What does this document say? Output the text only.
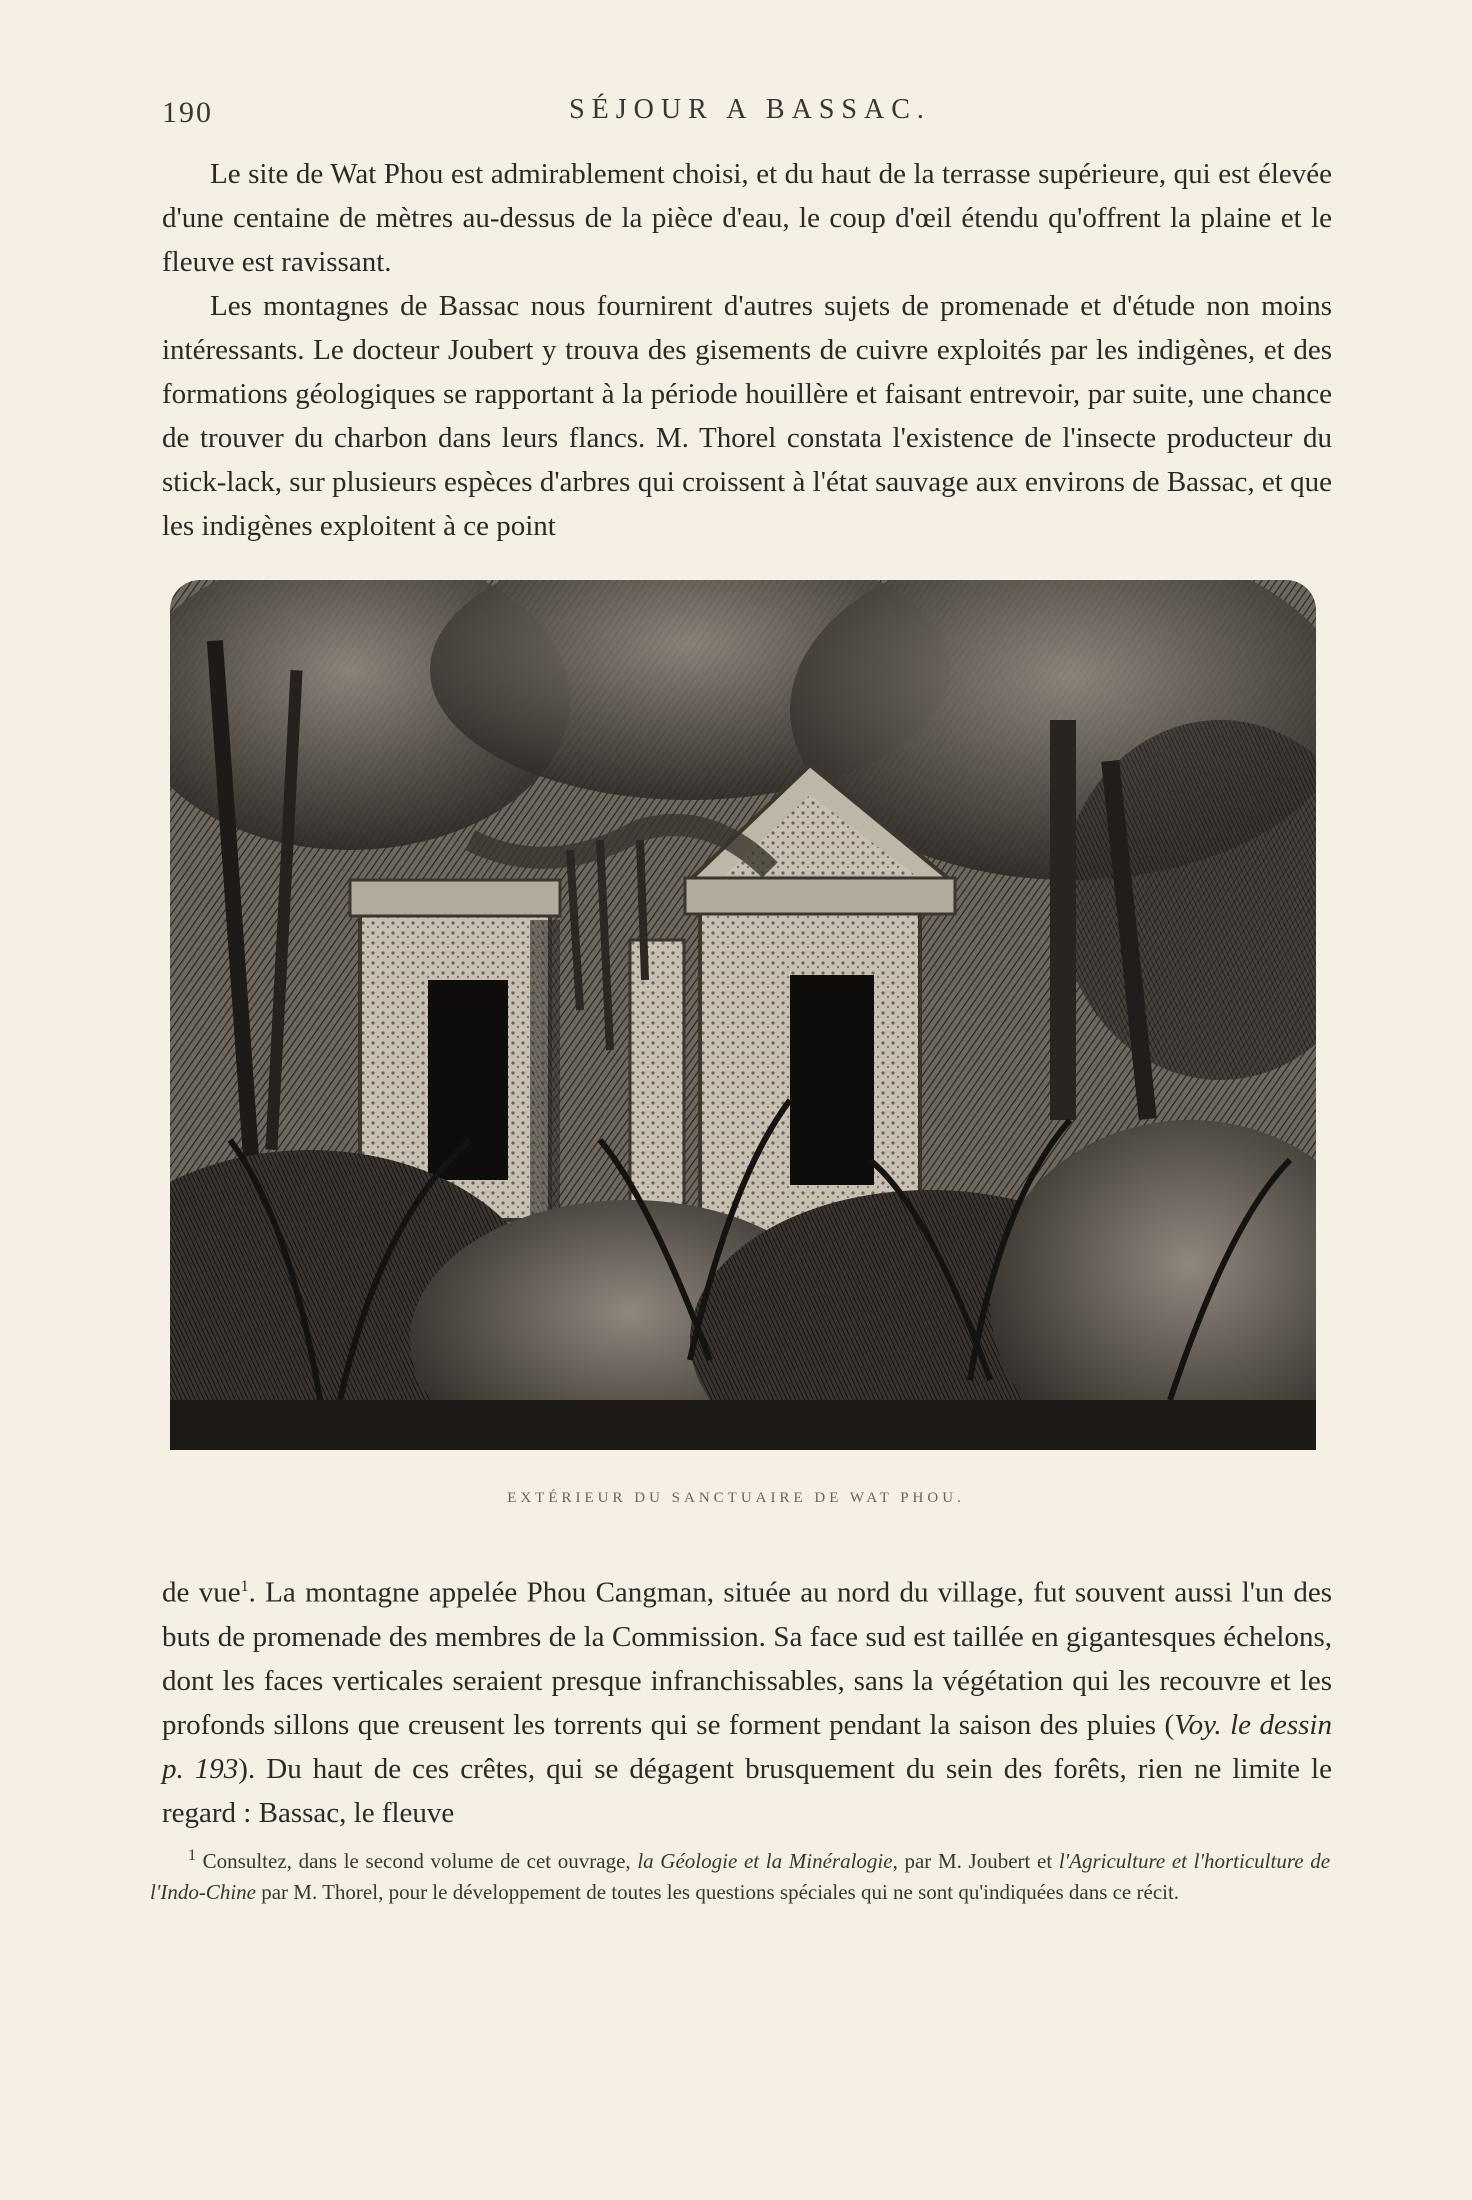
190	SÉJOUR A BASSAC.

Le site de Wat Phou est admirablement choisi, et du haut de la terrasse supérieure, qui est élevée d'une centaine de mètres au-dessus de la pièce d'eau, le coup d'œil étendu qu'offrent la plaine et le fleuve est ravissant.

Les montagnes de Bassac nous fournirent d'autres sujets de promenade et d'étude non moins intéressants. Le docteur Joubert y trouva des gisements de cuivre exploités par les indigènes, et des formations géologiques se rapportant à la période houillère et faisant entrevoir, par suite, une chance de trouver du charbon dans leurs flancs. M. Thorel constata l'existence de l'insecte producteur du stick-lack, sur plusieurs espèces d'arbres qui croissent à l'état sauvage aux environs de Bassac, et que les indigènes exploitent à ce point

EXTÉRIEUR DU SANCTUAIRE DE WAT PHOU.

de vue$^1$. La montagne appelée Phou Cangman, située au nord du village, fut souvent aussi l'un des buts de promenade des membres de la Commission. Sa face sud est taillée en gigantesques échelons, dont les faces verticales seraient presque infranchissables, sans la végétation qui les recouvre et les profonds sillons que creusent les torrents qui se forment pendant la saison des pluies (Voy. le dessin p. 193). Du haut de ces crêtes, qui se dégagent brusquement du sein des forêts, rien ne limite le regard : Bassac, le fleuve

$^1$ Consultez, dans le second volume de cet ouvrage, la Géologie et la Minéralogie, par M. Joubert et l'Agriculture et l'horticulture de l'Indo-Chine par M. Thorel, pour le développement de toutes les questions spéciales qui ne sont qu'indiquées dans ce récit.
